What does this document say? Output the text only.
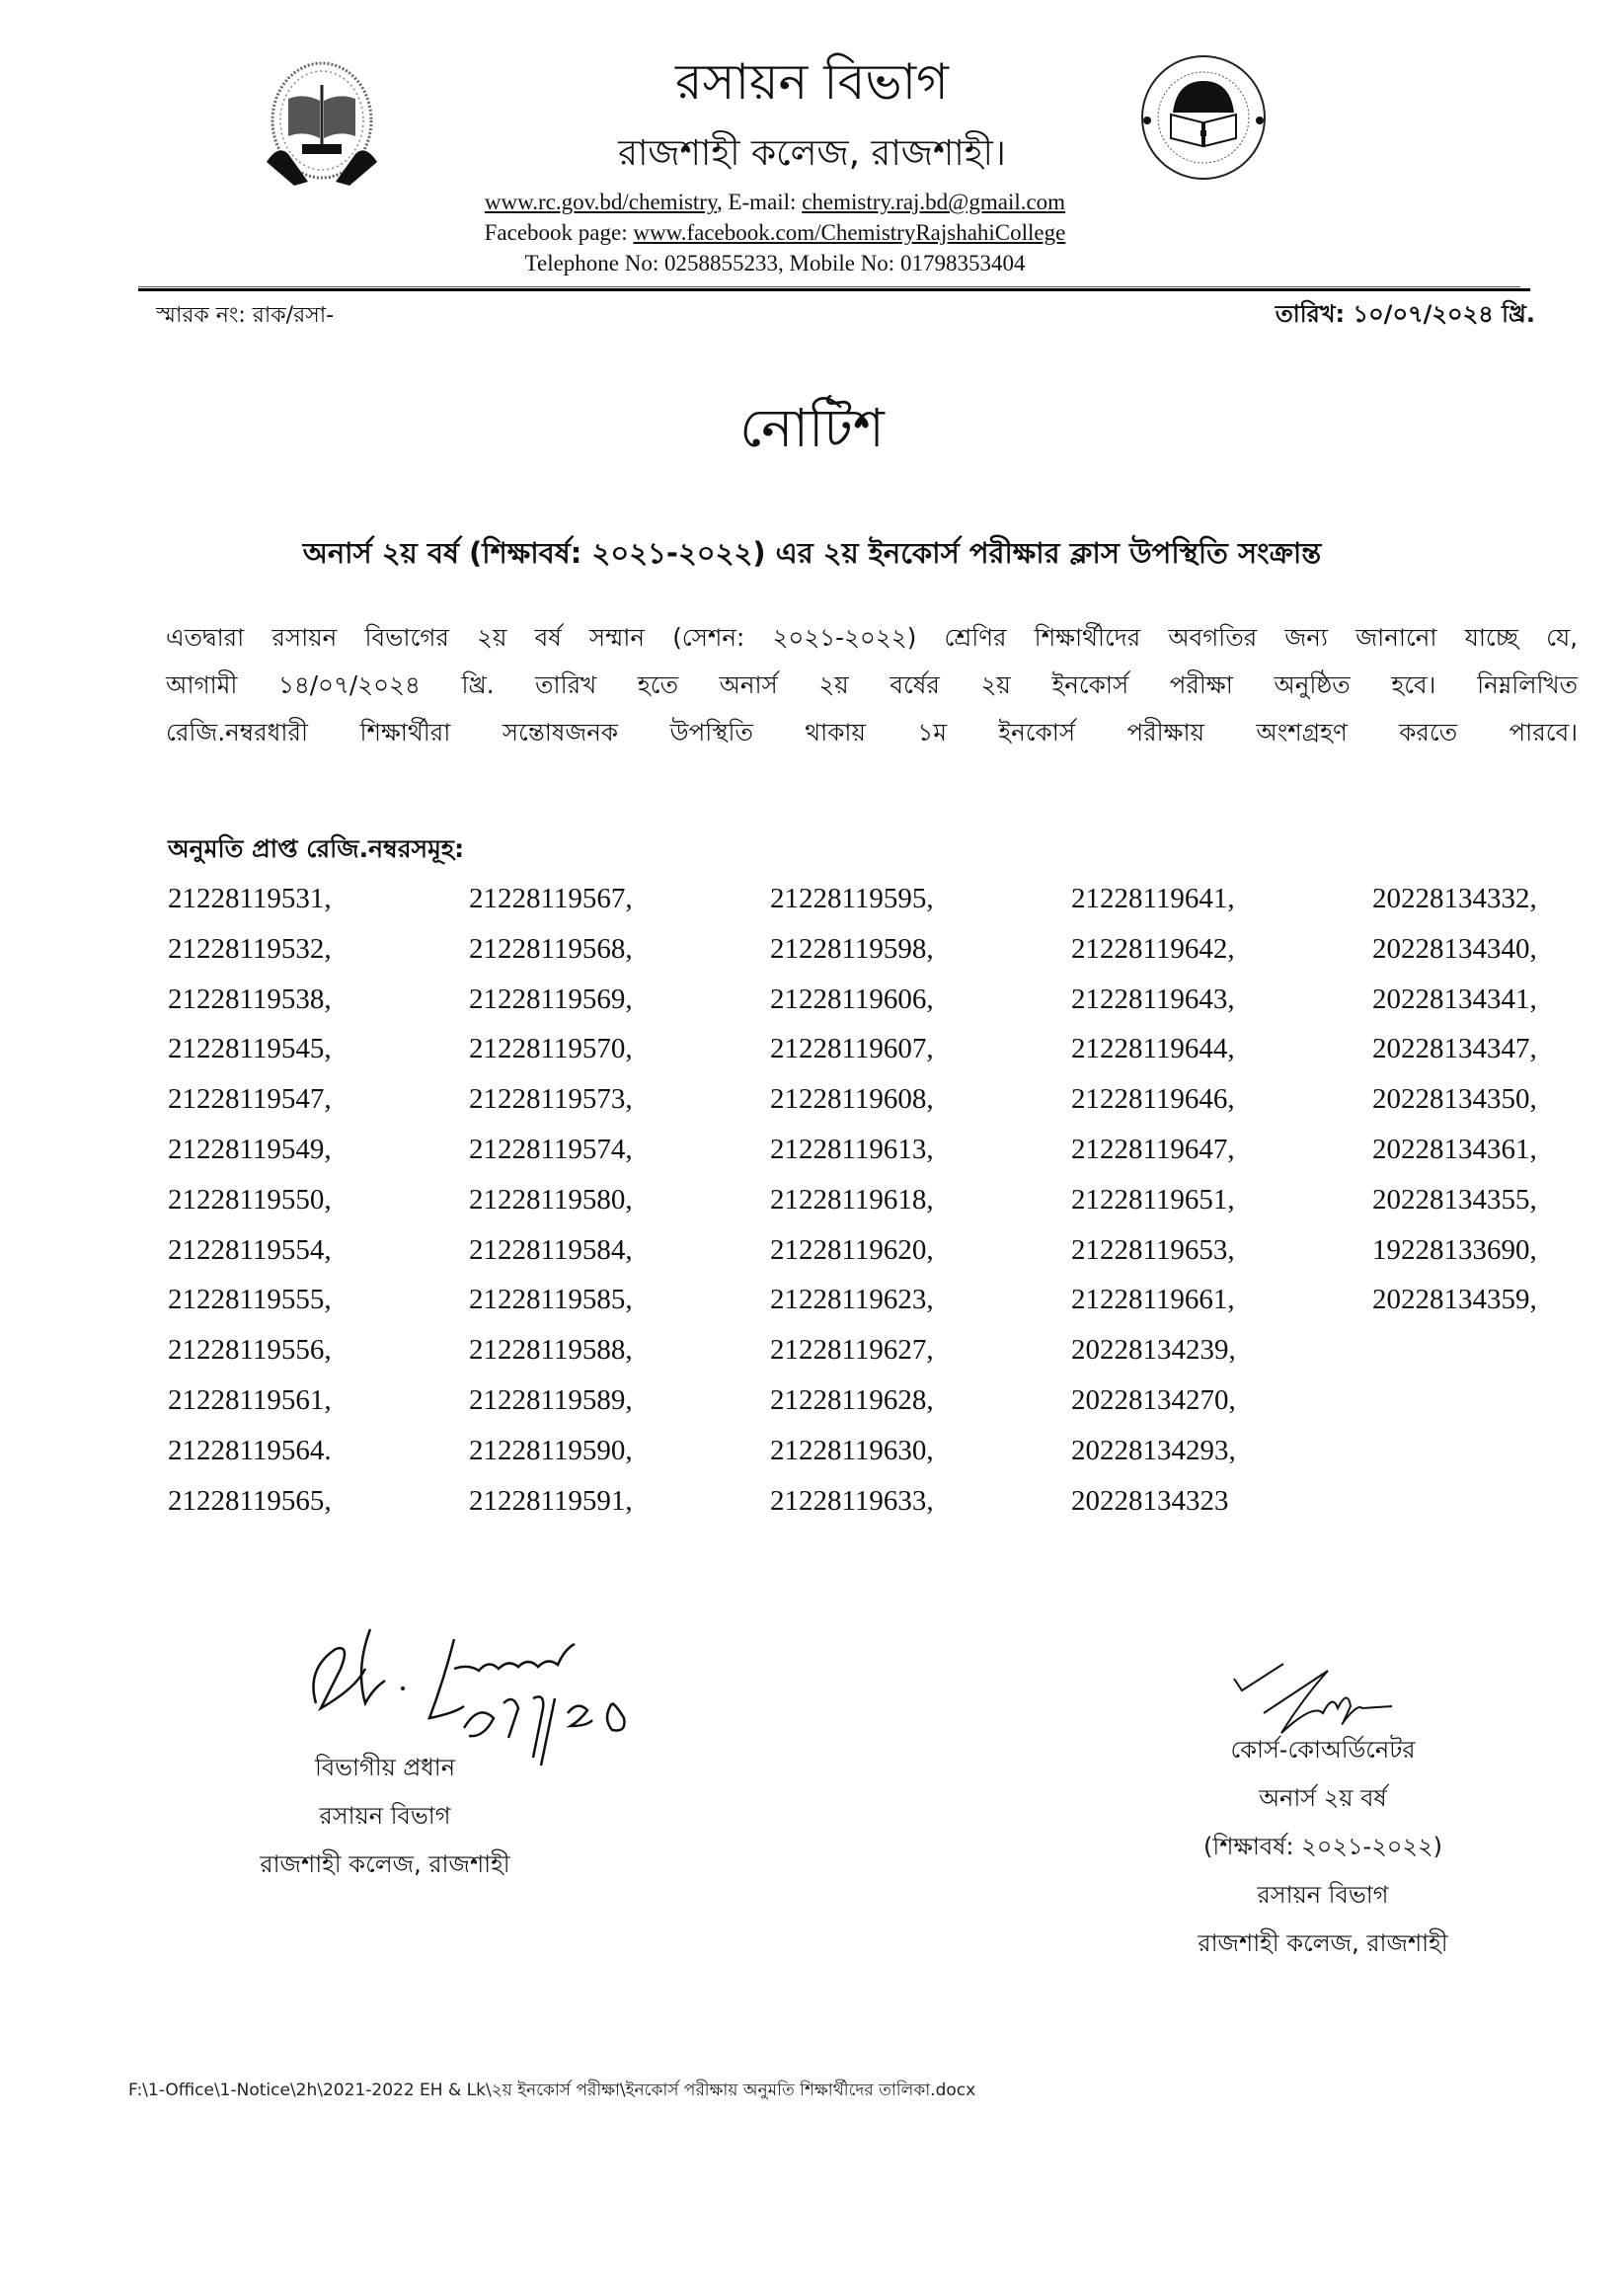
রসায়ন বিভাগ
রাজশাহী কলেজ, রাজশাহী।
www.rc.gov.bd/chemistry, E-mail: chemistry.raj.bd@gmail.com
Facebook page: www.facebook.com/ChemistryRajshahiCollege
Telephone No: 0258855233, Mobile No: 01798353404
স্মারক নং: রাক/রসা-	তারিখ: ১০/০৭/২০২৪ খ্রি.
নোটিশ
অনার্স ২য় বর্ষ (শিক্ষাবর্ষ: ২০২১-২০২২) এর ২য় ইনকোর্স পরীক্ষার ক্লাস উপস্থিতি সংক্রান্ত
এতদ্বারা রসায়ন বিভাগের ২য় বর্ষ সম্মান (সেশন: ২০২১-২০২২) শ্রেণির শিক্ষার্থীদের অবগতির জন্য জানানো যাচ্ছে যে,
আগামী ১৪/০৭/২০২৪ খ্রি. তারিখ হতে অনার্স ২য় বর্ষের ২য় ইনকোর্স পরীক্ষা অনুষ্ঠিত হবে। নিম্নলিখিত
রেজি.নম্বরধারী শিক্ষার্থীরা সন্তোষজনক উপস্থিতি থাকায় ১ম ইনকোর্স পরীক্ষায় অংশগ্রহণ করতে পারবে।
অনুমতি প্রাপ্ত রেজি.নম্বরসমূহ:
21228119531,
21228119532,
21228119538,
21228119545,
21228119547,
21228119549,
21228119550,
21228119554,
21228119555,
21228119556,
21228119561,
21228119564.
21228119565,
21228119567,
21228119568,
21228119569,
21228119570,
21228119573,
21228119574,
21228119580,
21228119584,
21228119585,
21228119588,
21228119589,
21228119590,
21228119591,
21228119595,
21228119598,
21228119606,
21228119607,
21228119608,
21228119613,
21228119618,
21228119620,
21228119623,
21228119627,
21228119628,
21228119630,
21228119633,
21228119641,
21228119642,
21228119643,
21228119644,
21228119646,
21228119647,
21228119651,
21228119653,
21228119661,
20228134239,
20228134270,
20228134293,
20228134323
20228134332,
20228134340,
20228134341,
20228134347,
20228134350,
20228134361,
20228134355,
19228133690,
20228134359,
বিভাগীয় প্রধান
রসায়ন বিভাগ
রাজশাহী কলেজ, রাজশাহী
কোর্স-কোঅর্ডিনেটর
অনার্স ২য় বর্ষ
(শিক্ষাবর্ষ: ২০২১-২০২২)
রসায়ন বিভাগ
রাজশাহী কলেজ, রাজশাহী
F:\1-Office\1-Notice\2h\2021-2022 EH & Lk\২য় ইনকোর্স পরীক্ষা\ইনকোর্স পরীক্ষায় অনুমতি শিক্ষার্থীদের তালিকা.docx
